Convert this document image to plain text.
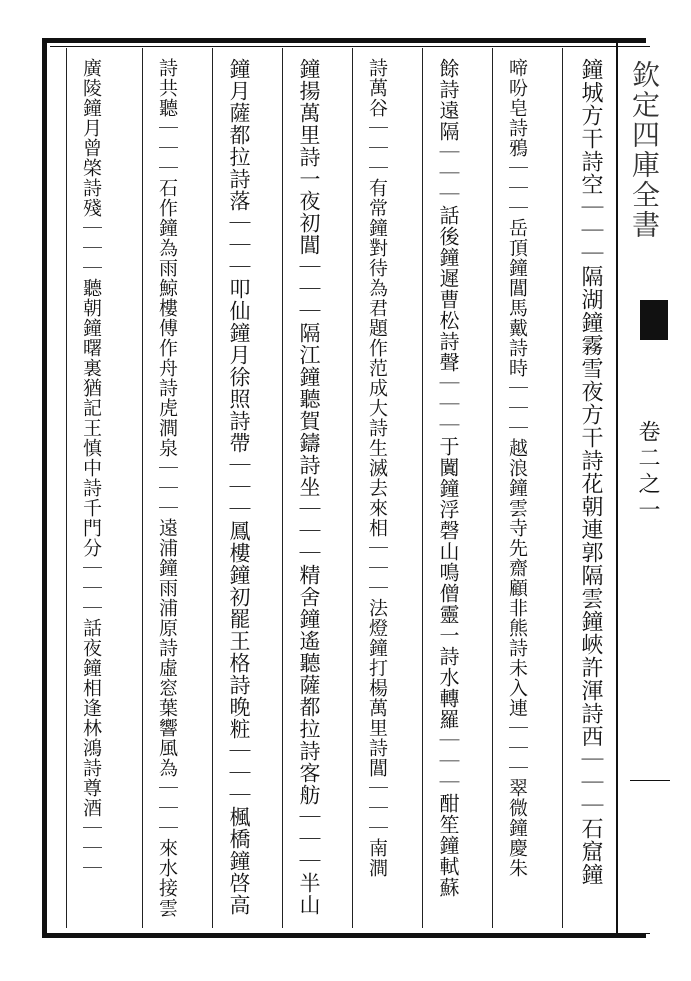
欽定四庫全書
卷二之一
鐘城方干詩空｜｜｜隔湖鐘霧雪夜方干詩花朝連郭隔雲鐘峽許渾詩西｜｜｜石窟鐘
啼吩皂詩鴉｜｜｜岳頂鐘閶馬戴詩時｜｜｜越浪鐘雲寺先齋顧非熊詩未入連｜｜｜翠微鐘慶朱
餘詩遠隔｜｜｜話後鐘遲曹松詩聲｜｜｜于闐鐘浮磬山鳴僧靈一詩水轉羅｜｜｜酣笙鐘軾蘇
詩萬谷｜｜｜有常鐘對待為君題作范成大詩生滅去來相｜｜｜法燈鐘打楊萬里詩閶｜｜｜南澗
鐘揚萬里詩一夜初閶｜｜｜隔江鐘聽賀鑄詩坐｜｜｜精舍鐘遙聽薩都拉詩客舫｜｜｜半山
鐘月薩都拉詩落｜｜｜叩仙鐘月徐照詩帶｜｜｜鳳樓鐘初罷王格詩晚粧｜｜｜楓橋鐘啓高
詩共聽｜｜｜石作鐘為雨鯨樓傅作舟詩虎澗泉｜｜｜遠浦鐘雨浦原詩虛窓葉響風為｜｜｜來水接雲
廣陵鐘月曾棨詩殘｜｜｜聽朝鐘曙裏猶記王慎中詩千門分｜｜｜話夜鐘相逢林鴻詩尊酒｜｜｜
